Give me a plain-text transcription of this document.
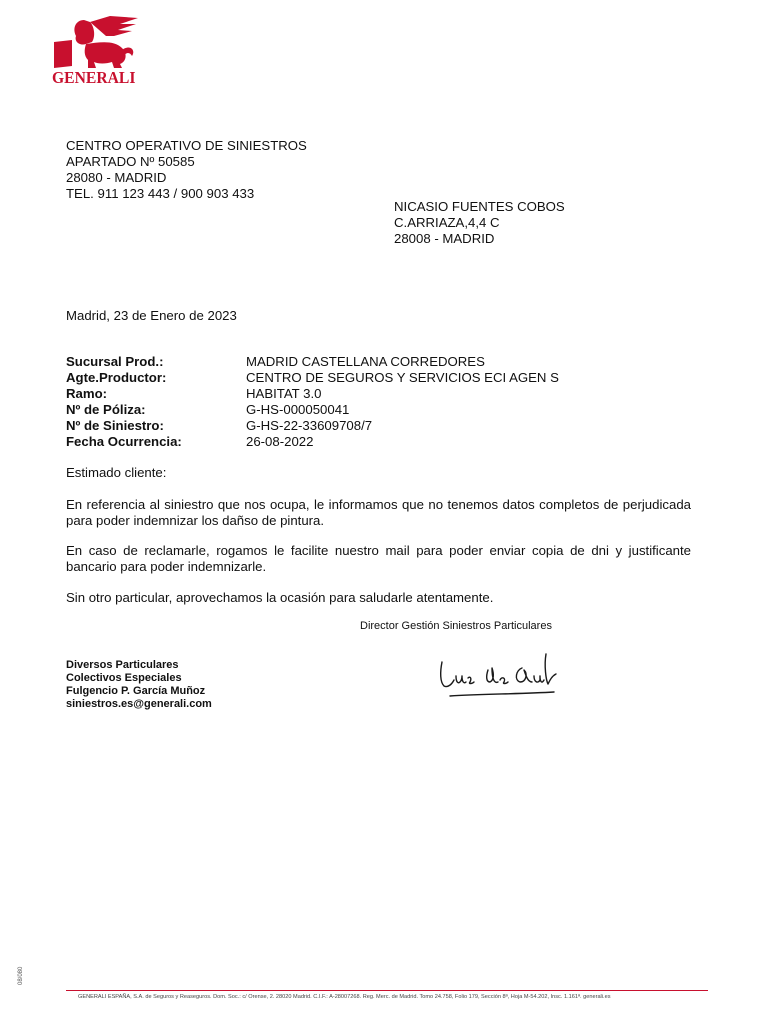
GENERALI
CENTRO OPERATIVO DE SINIESTROS
APARTADO Nº 50585
28080 - MADRID
TEL. 911 123 443 / 900 903 433
NICASIO FUENTES COBOS
C.ARRIAZA,4,4 C
28008 - MADRID
Madrid, 23 de Enero de 2023
Sucursal Prod.:	MADRID CASTELLANA CORREDORES
Agte.Productor:	CENTRO DE SEGUROS Y SERVICIOS ECI AGEN S
Ramo:	HABITAT 3.0
Nº de Póliza:	G-HS-000050041
Nº de Siniestro:	G-HS-22-33609708/7
Fecha Ocurrencia:	26-08-2022
Estimado cliente:
En referencia al siniestro que nos ocupa, le informamos que no tenemos datos completos de perjudicada para poder indemnizar los dañso de pintura.
En caso de reclamarle, rogamos le facilite nuestro mail para poder enviar copia de dni y justificante bancario para poder indemnizarle.
Sin otro particular, aprovechamos la ocasión para saludarle atentamente.
Director Gestión Siniestros Particulares
Diversos Particulares
Colectivos Especiales
Fulgencio P. García Muñoz
siniestros.es@generali.com
GENERALI ESPAÑA, S.A. de Seguros y Reaseguros. Dom. Soc.: c/ Orense, 2. 28020 Madrid. C.I.F.: A-28007268. Reg. Merc. de Madrid. Tomo 24.758, Folio 179, Sección 8ª, Hoja M-54.202, Insc. 1.161ª. generali.es
08/080
